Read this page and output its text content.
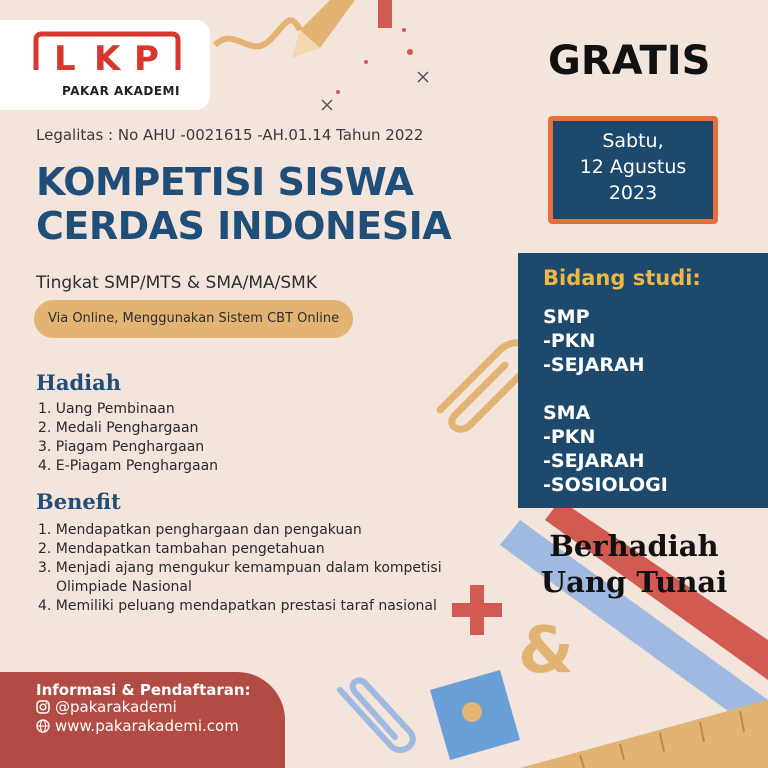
&
L K P
PAKAR AKADEMI
Legalitas : No AHU -0021615 -AH.01.14 Tahun 2022
KOMPETISI SISWA
CERDAS INDONESIA
Tingkat SMP/MTS & SMA/MA/SMK
Via Online, Menggunakan Sistem CBT Online
Hadiah
1. Uang Pembinaan
2. Medali Penghargaan
3. Piagam Penghargaan
4. E-Piagam Penghargaan
Benefit
1. Mendapatkan penghargaan dan pengakuan
2. Mendapatkan tambahan pengetahuan
3. Menjadi ajang mengukur kemampuan dalam kompetisi Olimpiade Nasional
4. Memiliki peluang mendapatkan prestasi taraf nasional
GRATIS
Sabtu,
12 Agustus
2023
Bidang studi:
SMP
-PKN
-SEJARAH
SMA
-PKN
-SEJARAH
-SOSIOLOGI
Berhadiah
Uang Tunai
Informasi & Pendaftaran:
@pakarakademi
www.pakarakademi.com
